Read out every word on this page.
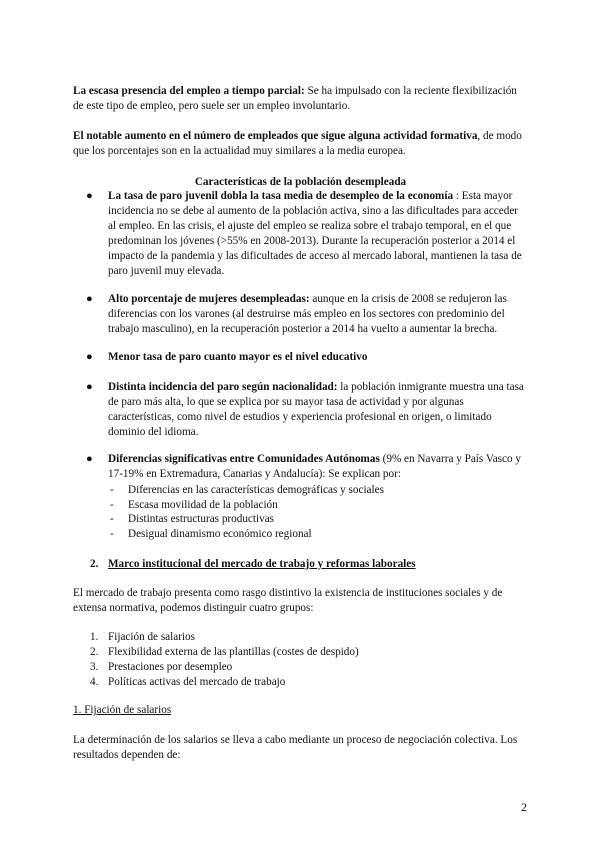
La escasa presencia del empleo a tiempo parcial: Se ha impulsado con la reciente flexibilización de este tipo de empleo, pero suele ser un empleo involuntario.

El notable aumento en el número de empleados que sigue alguna actividad formativa, de modo que los porcentajes son en la actualidad muy similares a la media europea.

Características de la población desempleada

● La tasa de paro juvenil dobla la tasa media de desempleo de la economía : Esta mayor incidencia no se debe al aumento de la población activa, sino a las dificultades para acceder al empleo. En las crisis, el ajuste del empleo se realiza sobre el trabajo temporal, en el que predominan los jóvenes (>55% en 2008-2013). Durante la recuperación posterior a 2014 el impacto de la pandemia y las dificultades de acceso al mercado laboral, mantienen la tasa de paro juvenil muy elevada.
● Alto porcentaje de mujeres desempleadas: aunque en la crisis de 2008 se redujeron las diferencias con los varones (al destruirse más empleo en los sectores con predominio del trabajo masculino), en la recuperación posterior a 2014 ha vuelto a aumentar la brecha.
● Menor tasa de paro cuanto mayor es el nivel educativo
● Distinta incidencia del paro según nacionalidad: la población inmigrante muestra una tasa de paro más alta, lo que se explica por su mayor tasa de actividad y por algunas características, como nivel de estudios y experiencia profesional en origen, o limitado dominio del idioma.
● Diferencias significativas entre Comunidades Autónomas (9% en Navarra y País Vasco y 17-19% en Extremadura, Canarias y Andalucía): Se explican por:
- Diferencias en las características demográficas y sociales
- Escasa movilidad de la población
- Distintas estructuras productivas
- Desigual dinamismo económico regional
2. Marco institucional del mercado de trabajo y reformas laborales

El mercado de trabajo presenta como rasgo distintivo la existencia de instituciones sociales y de extensa normativa, podemos distinguir cuatro grupos:

1. Fijación de salarios
2. Flexibilidad externa de las plantillas (costes de despido)
3. Prestaciones por desempleo
4. Políticas activas del mercado de trabajo

1. Fijación de salarios

La determinación de los salarios se lleva a cabo mediante un proceso de negociación colectiva. Los resultados dependen de:

2
